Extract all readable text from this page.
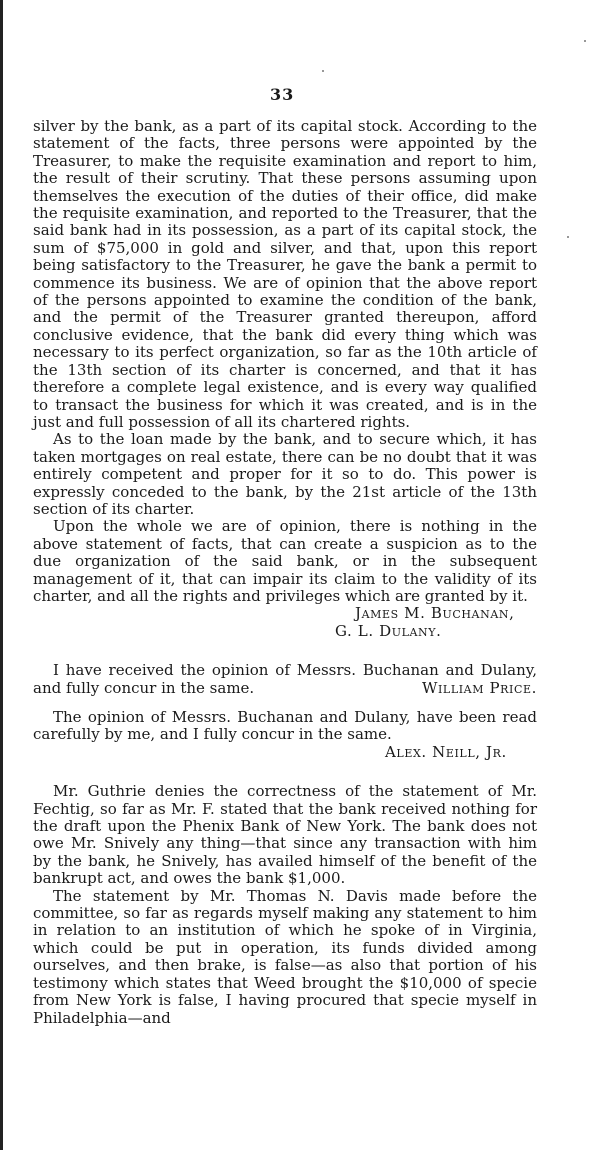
33

silver by the bank, as a part of its capital stock. According to the statement of the facts, three persons were appointed by the Treasurer, to make the requisite examination and report to him, the result of their scrutiny. That these persons assuming upon themselves the execution of the duties of their office, did make the requisite examination, and reported to the Treasurer, that the said bank had in its possession, as a part of its capital stock, the sum of $75,000 in gold and silver, and that, upon this report being satisfactory to the Treasurer, he gave the bank a permit to commence its business. We are of opinion that the above report of the persons appointed to examine the condition of the bank, and the permit of the Treasurer granted thereupon, afford conclusive evidence, that the bank did every thing which was necessary to its perfect organization, so far as the 10th article of the 13th section of its charter is concerned, and that it has therefore a complete legal existence, and is every way qualified to transact the business for which it was created, and is in the just and full possession of all its chartered rights.

As to the loan made by the bank, and to secure which, it has taken mortgages on real estate, there can be no doubt that it was entirely competent and proper for it so to do. This power is expressly conceded to the bank, by the 21st article of the 13th section of its charter.

Upon the whole we are of opinion, there is nothing in the above statement of facts, that can create a suspicion as to the due organization of the said bank, or in the subsequent management of it, that can impair its claim to the validity of its charter, and all the rights and privileges which are granted by it.

James M. Buchanan,
G. L. Dulany.

I have received the opinion of Messrs. Buchanan and Dulany, and fully concur in the same.	William Price.

The opinion of Messrs. Buchanan and Dulany, have been read carefully by me, and I fully concur in the same.

Alex. Neill, Jr.

Mr. Guthrie denies the correctness of the statement of Mr. Fechtig, so far as Mr. F. stated that the bank received nothing for the draft upon the Phenix Bank of New York. The bank does not owe Mr. Snively any thing—that since any transaction with him by the bank, he Snively, has availed himself of the benefit of the bankrupt act, and owes the bank $1,000.

The statement by Mr. Thomas N. Davis made before the committee, so far as regards myself making any statement to him in relation to an institution of which he spoke of in Virginia, which could be put in operation, its funds divided among ourselves, and then brake, is false—as also that portion of his testimony which states that Weed brought the $10,000 of specie from New York is false, I having procured that specie myself in Philadelphia—and
